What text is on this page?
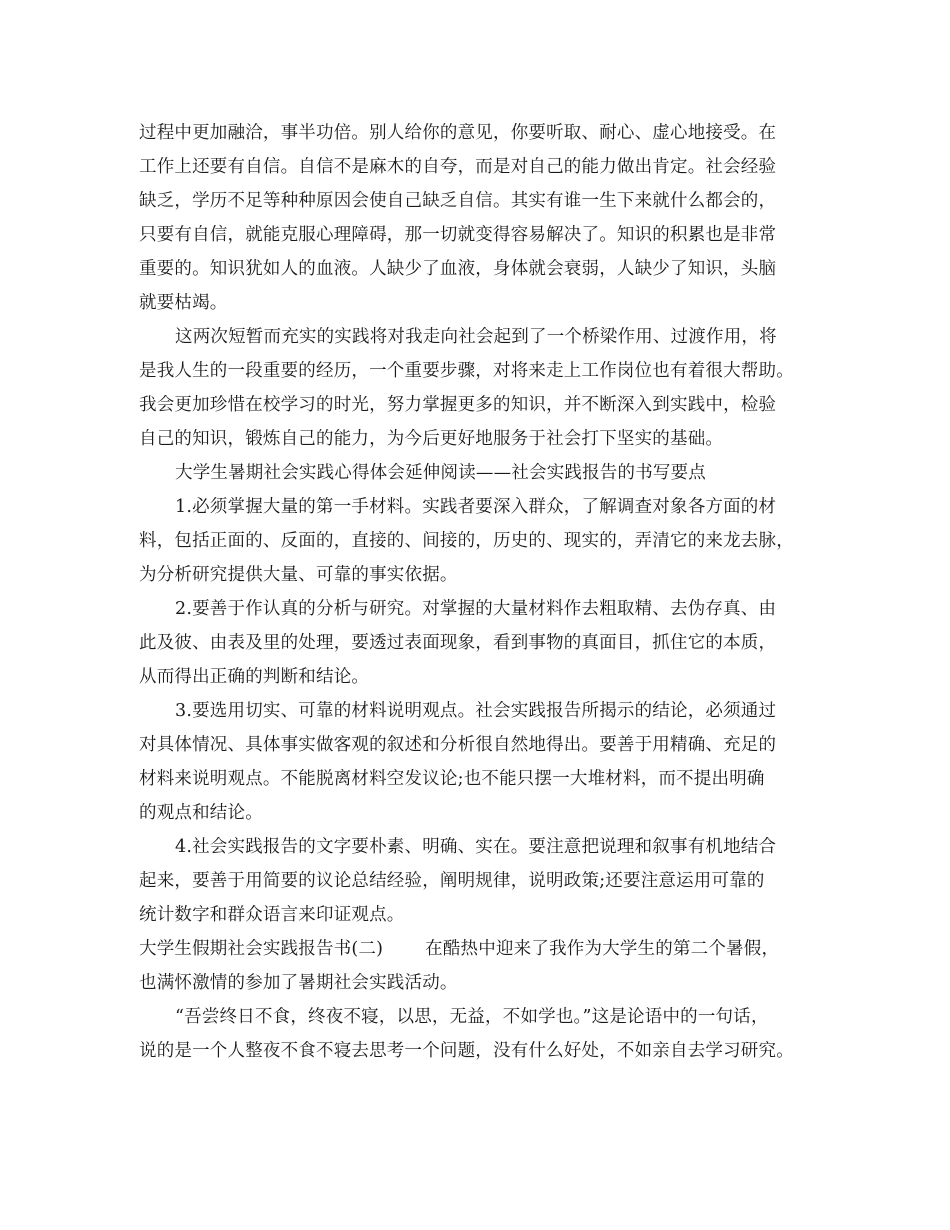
过程中更加融洽，事半功倍。别人给你的意见，你要听取、耐心、虚心地接受。在
工作上还要有自信。自信不是麻木的自夸，而是对自己的能力做出肯定。社会经验
缺乏，学历不足等种种原因会使自己缺乏自信。其实有谁一生下来就什么都会的，
只要有自信，就能克服心理障碍，那一切就变得容易解决了。知识的积累也是非常
重要的。知识犹如人的血液。人缺少了血液，身体就会衰弱，人缺少了知识，头脑
就要枯竭。
这两次短暂而充实的实践将对我走向社会起到了一个桥梁作用、过渡作用，将
是我人生的一段重要的经历，一个重要步骤，对将来走上工作岗位也有着很大帮助。
我会更加珍惜在校学习的时光，努力掌握更多的知识，并不断深入到实践中，检验
自己的知识，锻炼自己的能力，为今后更好地服务于社会打下坚实的基础。
大学生暑期社会实践心得体会延伸阅读——社会实践报告的书写要点
1.必须掌握大量的第一手材料。实践者要深入群众，了解调查对象各方面的材
料，包括正面的、反面的，直接的、间接的，历史的、现实的，弄清它的来龙去脉，
为分析研究提供大量、可靠的事实依据。
2.要善于作认真的分析与研究。对掌握的大量材料作去粗取精、去伪存真、由
此及彼、由表及里的处理，要透过表面现象，看到事物的真面目，抓住它的本质，
从而得出正确的判断和结论。
3.要选用切实、可靠的材料说明观点。社会实践报告所揭示的结论，必须通过
对具体情况、具体事实做客观的叙述和分析很自然地得出。要善于用精确、充足的
材料来说明观点。不能脱离材料空发议论;也不能只摆一大堆材料，而不提出明确
的观点和结论。
4.社会实践报告的文字要朴素、明确、实在。要注意把说理和叙事有机地结合
起来，要善于用简要的议论总结经验，阐明规律，说明政策;还要注意运用可靠的
统计数字和群众语言来印证观点。
大学生假期社会实践报告书(二) 在酷热中迎来了我作为大学生的第二个暑假，
也满怀激情的参加了暑期社会实践活动。
“吾尝终日不食，终夜不寝，以思，无益，不如学也。”这是论语中的一句话，
说的是一个人整夜不食不寝去思考一个问题，没有什么好处，不如亲自去学习研究。
